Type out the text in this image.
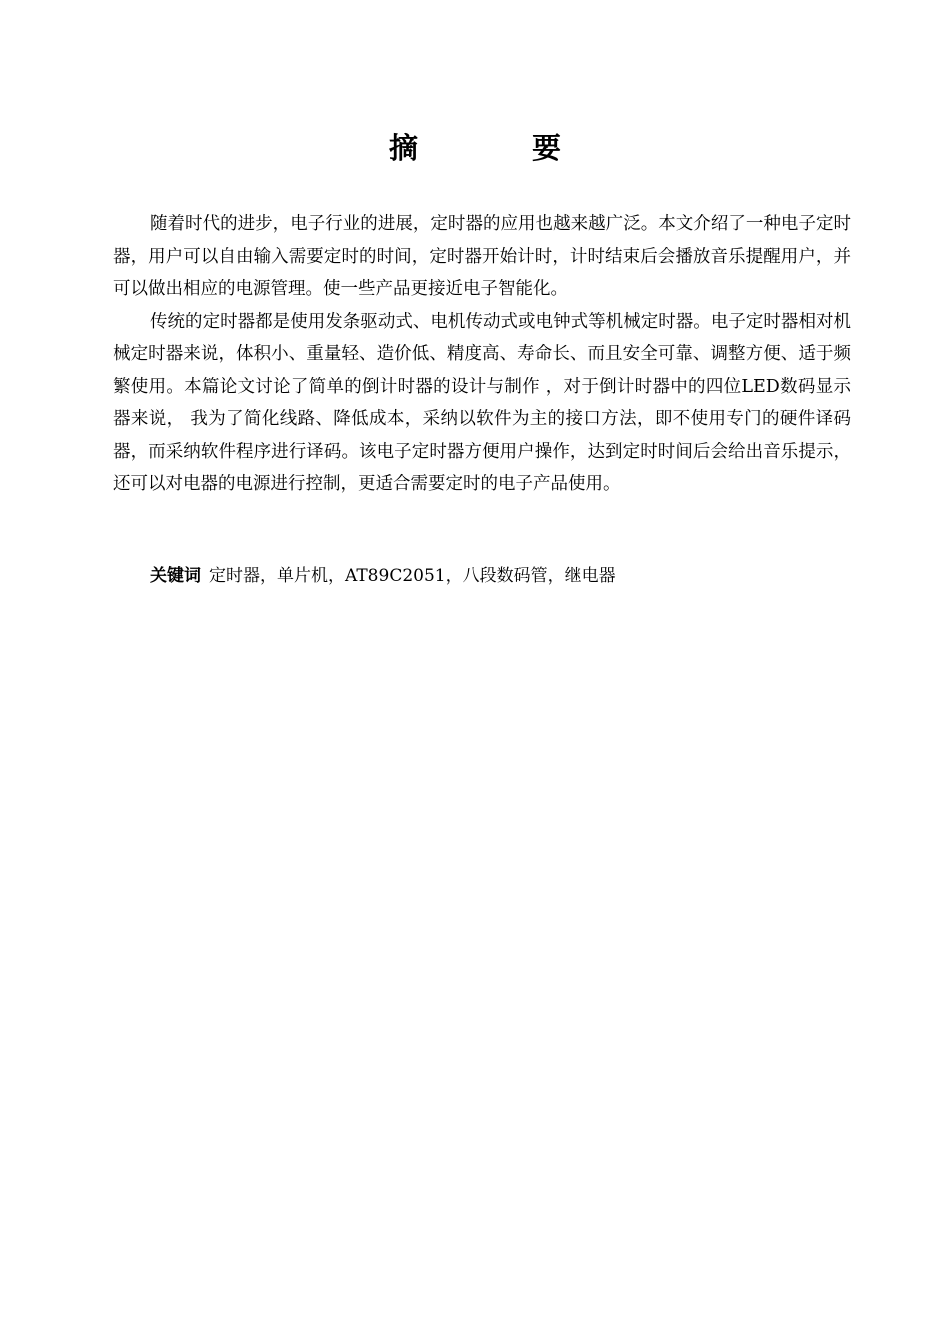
摘 要

随着时代的进步，电子行业的进展，定时器的应用也越来越广泛。本文介绍了一种电子定时器，用户可以自由输入需要定时的时间，定时器开始计时，计时结束后会播放音乐提醒用户，并可以做出相应的电源管理。使一些产品更接近电子智能化。

传统的定时器都是使用发条驱动式、电机传动式或电钟式等机械定时器。电子定时器相对机械定时器来说，体积小、重量轻、造价低、精度高、寿命长、而且安全可靠、调整方便、适于频繁使用。本篇论文讨论了简单的倒计时器的设计与制作 ，对于倒计时器中的四位LED数码显示器来说， 我为了简化线路、降低成本，采纳以软件为主的接口方法，即不使用专门的硬件译码器，而采纳软件程序进行译码。该电子定时器方便用户操作，达到定时时间后会给出音乐提示，还可以对电器的电源进行控制，更适合需要定时的电子产品使用。

关键词 定时器，单片机，AT89C2051，八段数码管，继电器
